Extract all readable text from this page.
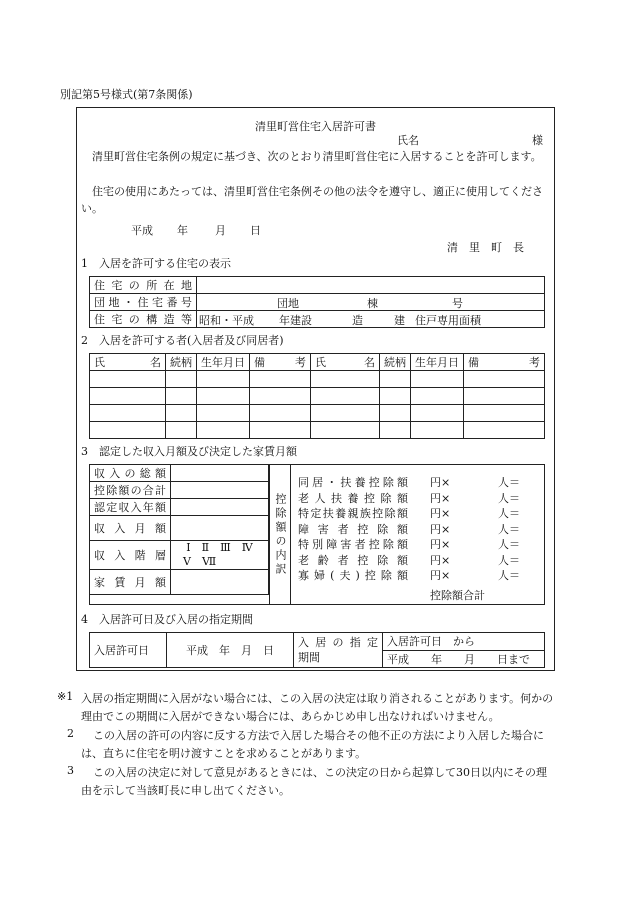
別記第5号様式(第7条関係)
清里町営住宅入居許可書
氏名	様
清里町営住宅条例の規定に基づき、次のとおり清里町営住宅に入居することを許可します。
住宅の使用にあたっては、清里町営住宅条例その他の法令を遵守し、適正に使用してください。
平成 年 月 日
清　里　町　長
1　入居を許可する住宅の表示
住宅の所在地	

団地・住宅番号	団地 棟 号

住宅の構造等	昭和・平成 年建設 造 建 住戸専用面積
2　入居を許可する者(入居者及び同居者)
氏　　名	続柄	生年月日	備　　考	氏　　名	続柄	生年月日	備　　考

3　認定した収入月額及び決定した家賃月額
収入の総額	

控除額の合計	

認定収入年額	

収入月額	

収入階層	Ⅰ　Ⅱ　Ⅲ　Ⅳ
Ⅴ　Ⅶ

家賃月額	

控除額の内訳
同居・扶養控除額 円×	人＝
老人扶養控除額 円×	人＝
特定扶養親族控除額 円×	人＝
障害者控除額 円×	人＝
特別障害者控除額 円×	人＝
老齢者控除額 円×	人＝
寡婦(夫)控除額 円×	人＝
控除額合計
4　入居許可日及び入居の指定期間
入居許可日	平成　年　月　日	
入居の指定
期間
	入居許可日　から
平成　　年　　月　　日まで
※1 入居の指定期間に入居がない場合には、この入居の決定は取り消されることがあります。何かの理由でこの期間に入居ができない場合には、あらかじめ申し出なければいけません。
2	この入居の許可の内容に反する方法で入居した場合その他不正の方法により入居した場合には、直ちに住宅を明け渡すことを求めることがあります。
3	この入居の決定に対して意見があるときには、この決定の日から起算して30日以内にその理由を示して当該町長に申し出てください。
